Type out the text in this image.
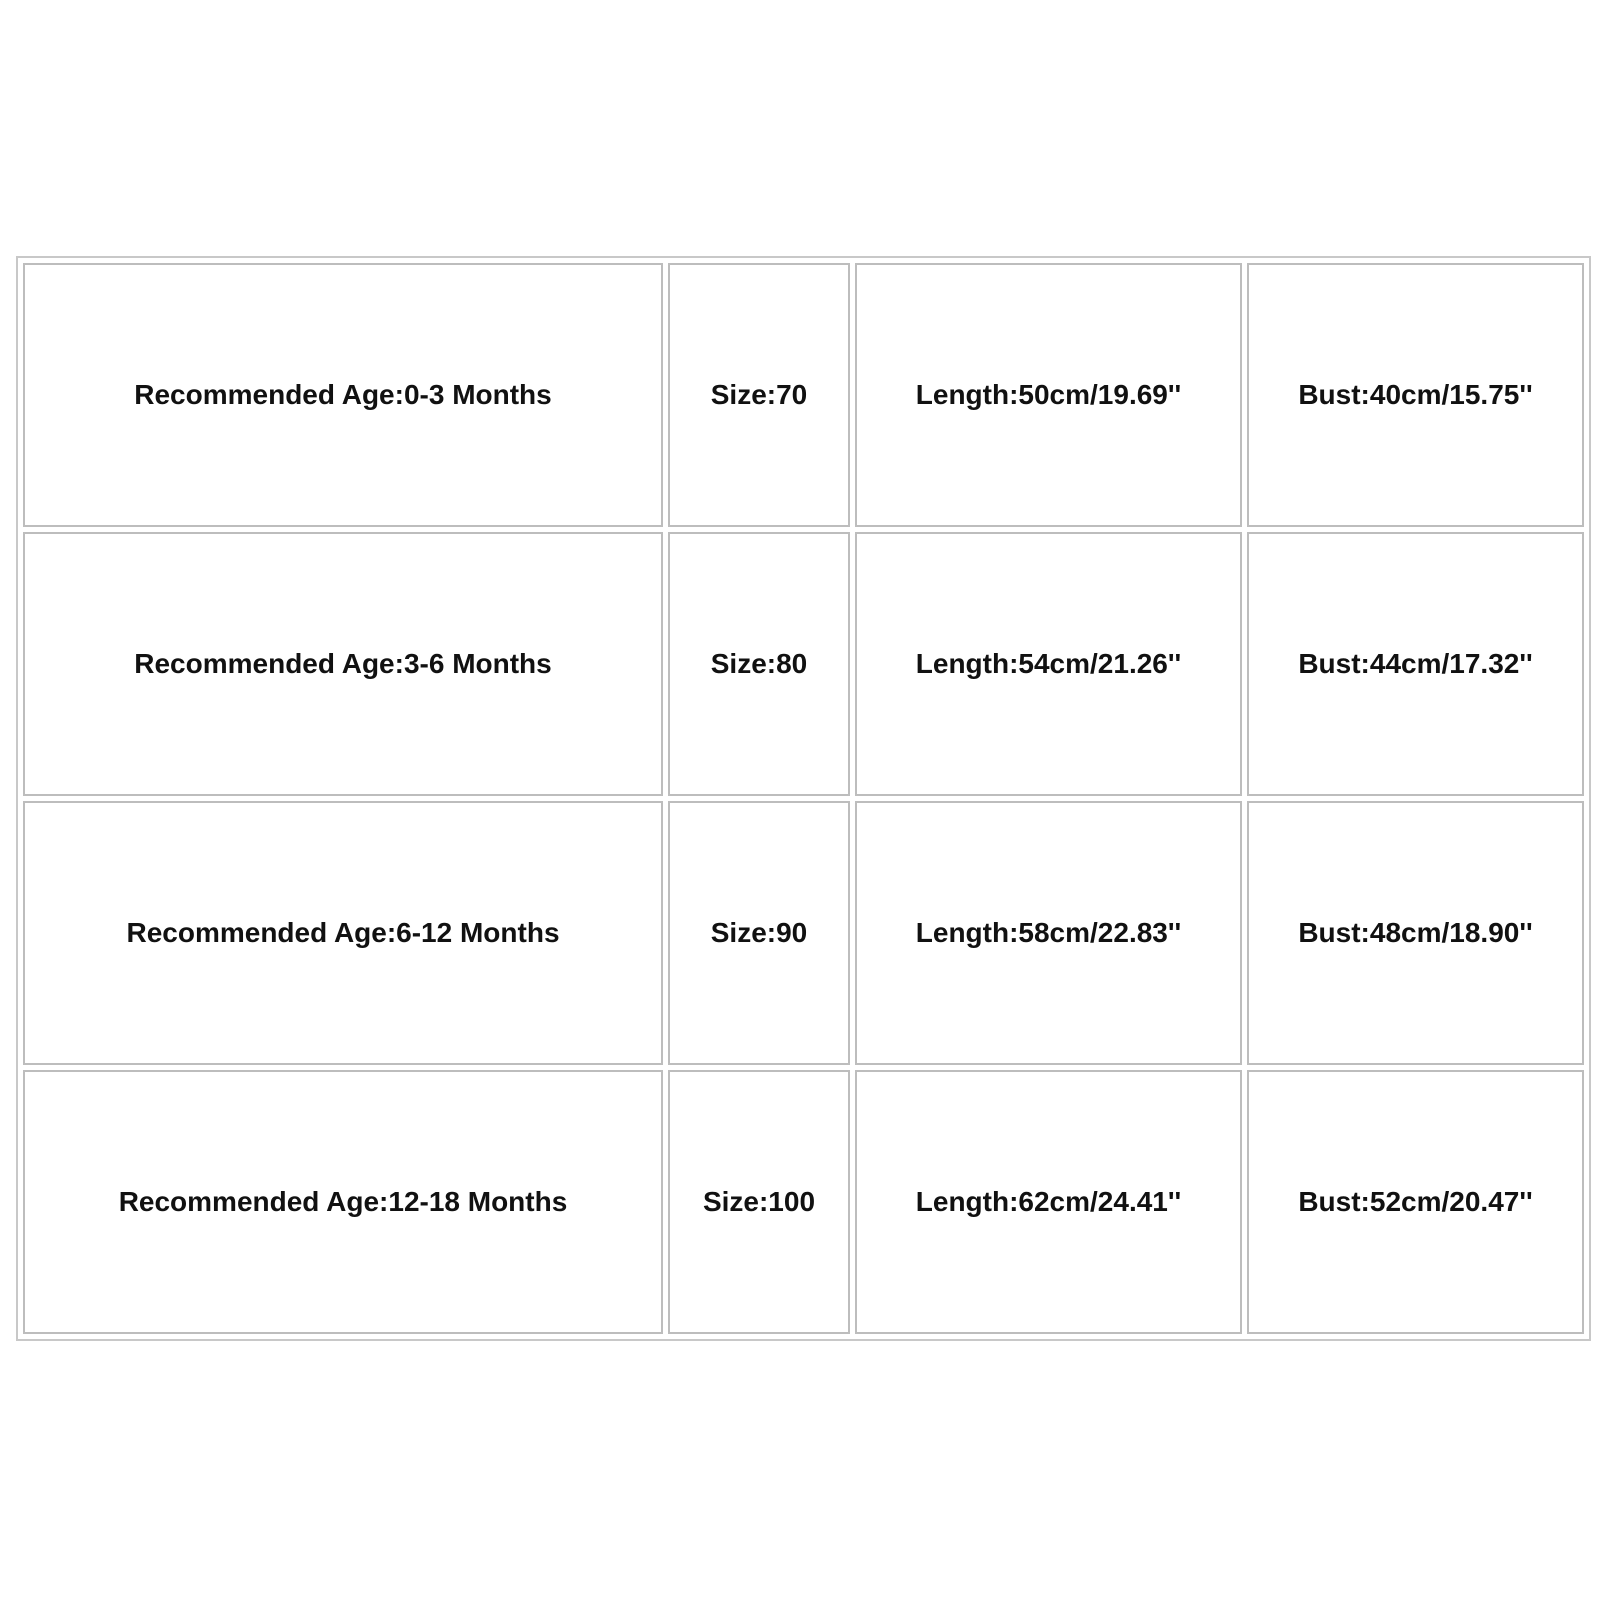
Recommended Age:0-3 Months	Size:70	Length:50cm/19.69''	Bust:40cm/15.75''
Recommended Age:3-6 Months	Size:80	Length:54cm/21.26''	Bust:44cm/17.32''
Recommended Age:6-12 Months	Size:90	Length:58cm/22.83''	Bust:48cm/18.90''
Recommended Age:12-18 Months	Size:100	Length:62cm/24.41''	Bust:52cm/20.47''
